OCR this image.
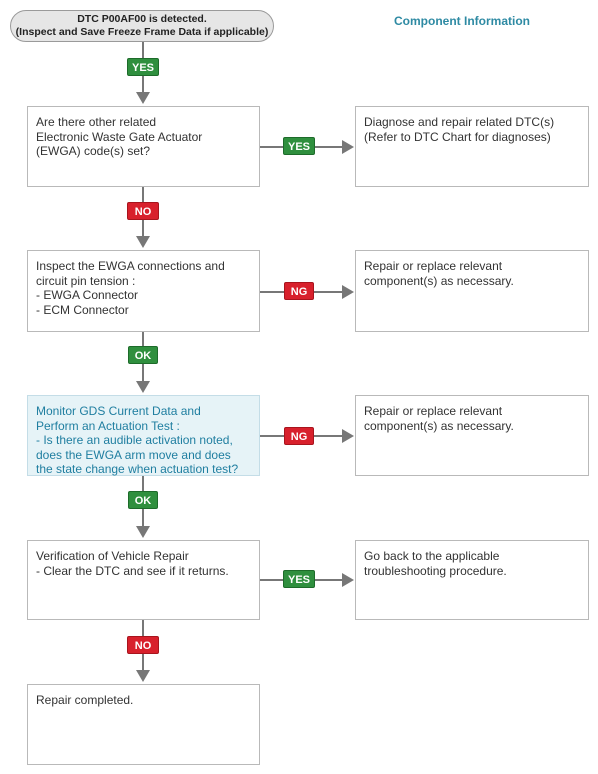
DTC P00AF00 is detected.
(Inspect and Save Freeze Frame Data if applicable)
Component Information
YES
Are there other related
Electronic Waste Gate Actuator
(EWGA) code(s) set?	YES
Diagnose and repair related DTC(s)
(Refer to DTC Chart for diagnoses)
NO
Inspect the EWGA connections and
circuit pin tension :
- EWGA Connector
- ECM Connector
NG
Repair or replace relevant
component(s) as necessary.
OK
Monitor GDS Current Data and
Perform an Actuation Test :
- Is there an audible activation noted,
does the EWGA arm move and does
the state change when actuation test?
NG
Repair or replace relevant
component(s) as necessary.
OK
Verification of Vehicle Repair
- Clear the DTC and see if it returns.
YES
Go back to the applicable
troubleshooting procedure.
NO
Repair completed.
